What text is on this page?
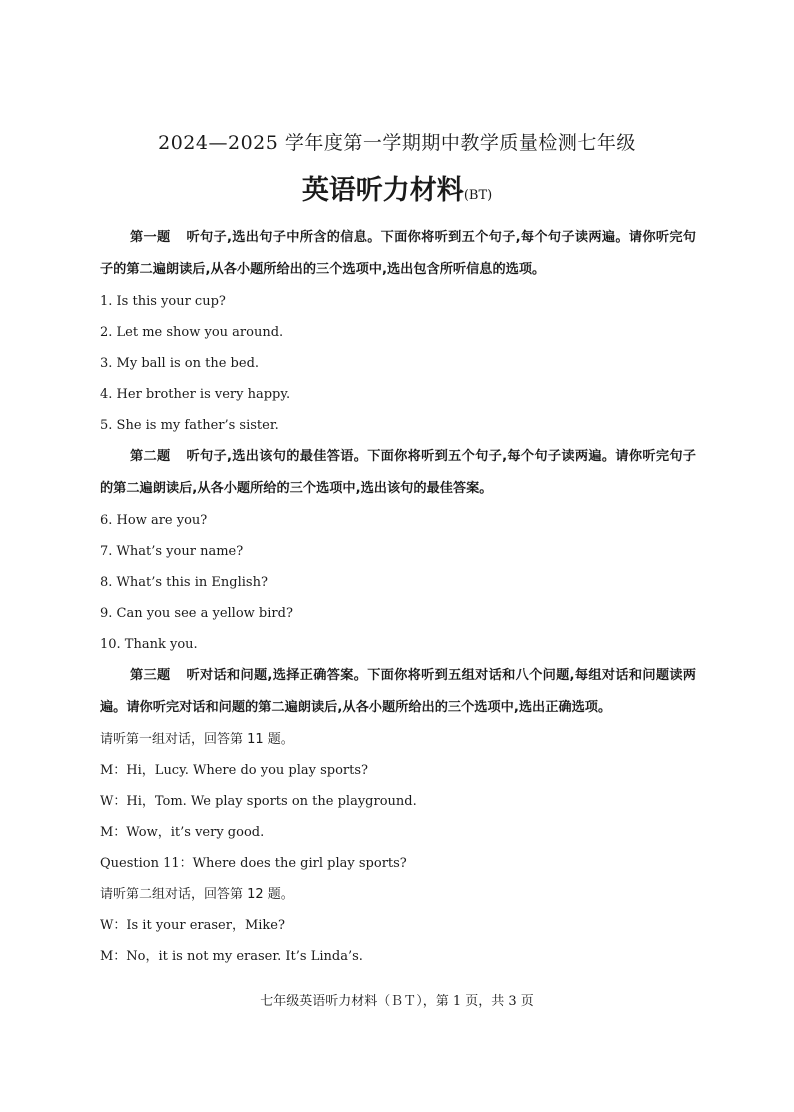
2024—2025 学年度第一学期期中教学质量检测七年级
英语听力材料(BT)
第一题 听句子,选出句子中所含的信息。下面你将听到五个句子,每个句子读两遍。请你听完句子的第二遍朗读后,从各小题所给出的三个选项中,选出包含所听信息的选项。
1. Is this your cup?
2. Let me show you around.
3. My ball is on the bed.
4. Her brother is very happy.
5. She is my father’s sister.
第二题 听句子,选出该句的最佳答语。下面你将听到五个句子,每个句子读两遍。请你听完句子的第二遍朗读后,从各小题所给的三个选项中,选出该句的最佳答案。
6. How are you?
7. What’s your name?
8. What’s this in English?
9. Can you see a yellow bird?
10. Thank you.
第三题 听对话和问题,选择正确答案。下面你将听到五组对话和八个问题,每组对话和问题读两遍。请你听完对话和问题的第二遍朗读后,从各小题所给出的三个选项中,选出正确选项。
请听第一组对话，回答第 11 题。
M：Hi，Lucy. Where do you play sports?
W：Hi，Tom. We play sports on the playground.
M：Wow，it’s very good.
Question 11：Where does the girl play sports?
请听第二组对话，回答第 12 题。
W：Is it your eraser，Mike?
M：No，it is not my eraser. It’s Linda’s.
七年级英语听力材料（ＢＴ），第 1 页，共 3 页
